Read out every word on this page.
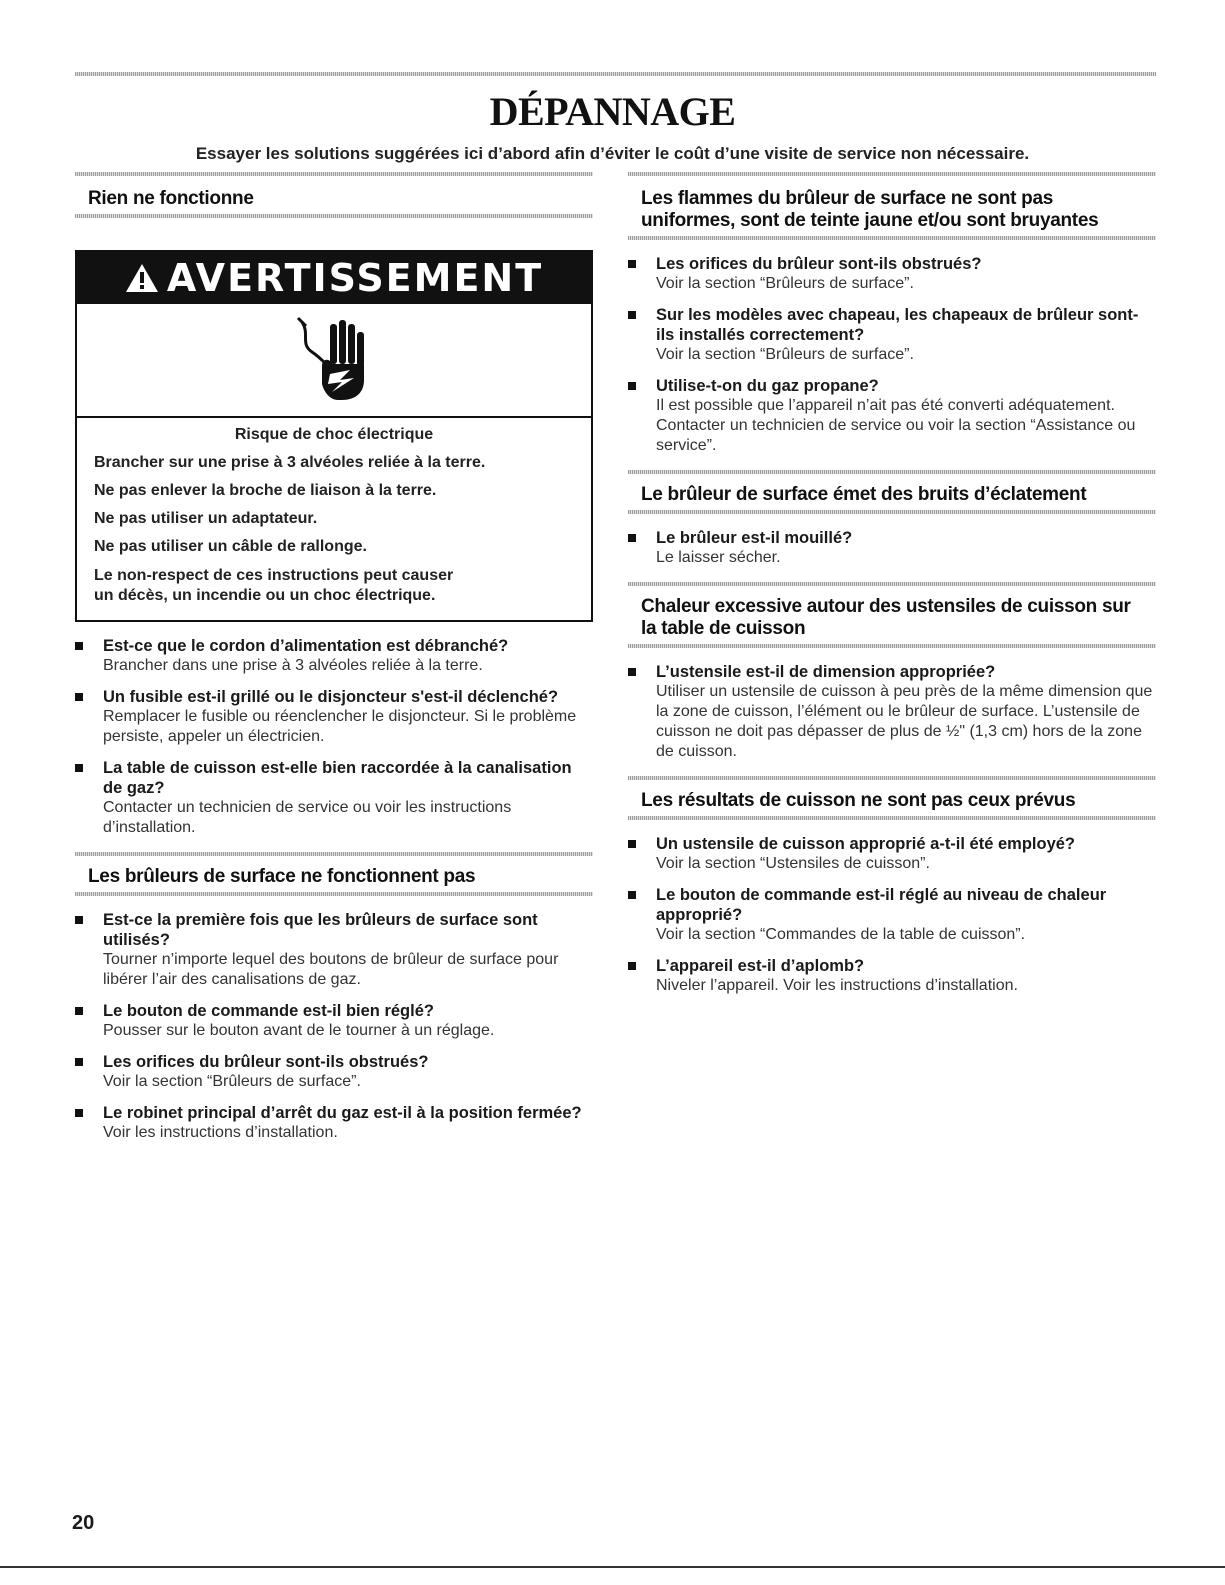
DÉPANNAGE

Essayer les solutions suggérées ici d’abord afin d’éviter le coût d’une visite de service non nécessaire.

Rien ne fonctionne
AVERTISSEMENT

Risque de choc électrique

Brancher sur une prise à 3 alvéoles reliée à la terre.

Ne pas enlever la broche de liaison à la terre.

Ne pas utiliser un adaptateur.

Ne pas utiliser un câble de rallonge.

Le non-respect de ces instructions peut causer
un décès, un incendie ou un choc électrique.

Est-ce que le cordon d’alimentation est débranché?
Brancher dans une prise à 3 alvéoles reliée à la terre.
Un fusible est-il grillé ou le disjoncteur s'est-il déclenché?
Remplacer le fusible ou réenclencher le disjoncteur. Si le problème persiste, appeler un électricien.
La table de cuisson est-elle bien raccordée à la canalisation de gaz?
Contacter un technicien de service ou voir les instructions d’installation.
Les brûleurs de surface ne fonctionnent pas
Est-ce la première fois que les brûleurs de surface sont utilisés?
Tourner n’importe lequel des boutons de brûleur de surface pour libérer l’air des canalisations de gaz.
Le bouton de commande est-il bien réglé?
Pousser sur le bouton avant de le tourner à un réglage.
Les orifices du brûleur sont-ils obstrués?
Voir la section “Brûleurs de surface”.
Le robinet principal d’arrêt du gaz est-il à la position fermée?
Voir les instructions d’installation.
Les flammes du brûleur de surface ne sont pas uniformes, sont de teinte jaune et/ou sont bruyantes
Les orifices du brûleur sont-ils obstrués?
Voir la section “Brûleurs de surface”.
Sur les modèles avec chapeau, les chapeaux de brûleur sont-ils installés correctement?
Voir la section “Brûleurs de surface”.
Utilise-t-on du gaz propane?
Il est possible que l’appareil n’ait pas été converti adéquatement. Contacter un technicien de service ou voir la section “Assistance ou service”.
Le brûleur de surface émet des bruits d’éclatement
Le brûleur est-il mouillé?
Le laisser sécher.
Chaleur excessive autour des ustensiles de cuisson sur la table de cuisson
L’ustensile est-il de dimension appropriée?
Utiliser un ustensile de cuisson à peu près de la même dimension que la zone de cuisson, l’élément ou le brûleur de surface. L’ustensile de cuisson ne doit pas dépasser de plus de ½" (1,3 cm) hors de la zone de cuisson.
Les résultats de cuisson ne sont pas ceux prévus
Un ustensile de cuisson approprié a-t-il été employé?
Voir la section “Ustensiles de cuisson”.
Le bouton de commande est-il réglé au niveau de chaleur approprié?
Voir la section “Commandes de la table de cuisson”.
L’appareil est-il d’aplomb?
Niveler l’appareil. Voir les instructions d’installation.
20
